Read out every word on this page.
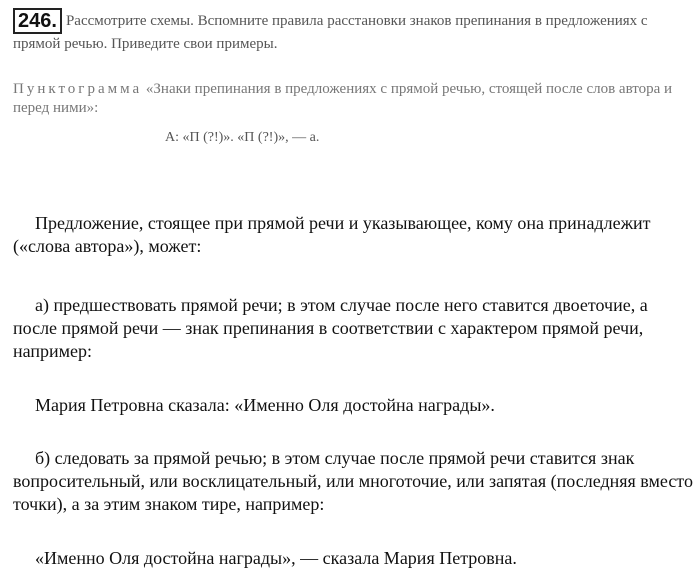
246. Рассмотрите схемы. Вспомните правила расстановки знаков препинания в предложениях с прямой речью. Приведите свои примеры.
Пунктограмма «Знаки препинания в предложениях с прямой речью, стоящей после слов автора и перед ними»:
А: «П (?!)». «П (?!)», — а.

Предложение, стоящее при прямой речи и указывающее, кому она принадлежит («слова автора»), может:

а) предшествовать прямой речи; в этом случае после него ставится двоеточие, а после прямой речи — знак препинания в соответствии с характером прямой речи, например:

Мария Петровна сказала: «Именно Оля достойна награды».

б) следовать за прямой речью; в этом случае после прямой речи ставится знак вопросительный, или восклицательный, или многоточие, или запятая (последняя вместо точки), а за этим знаком тире, например:

«Именно Оля достойна награды», — сказала Мария Петровна.
